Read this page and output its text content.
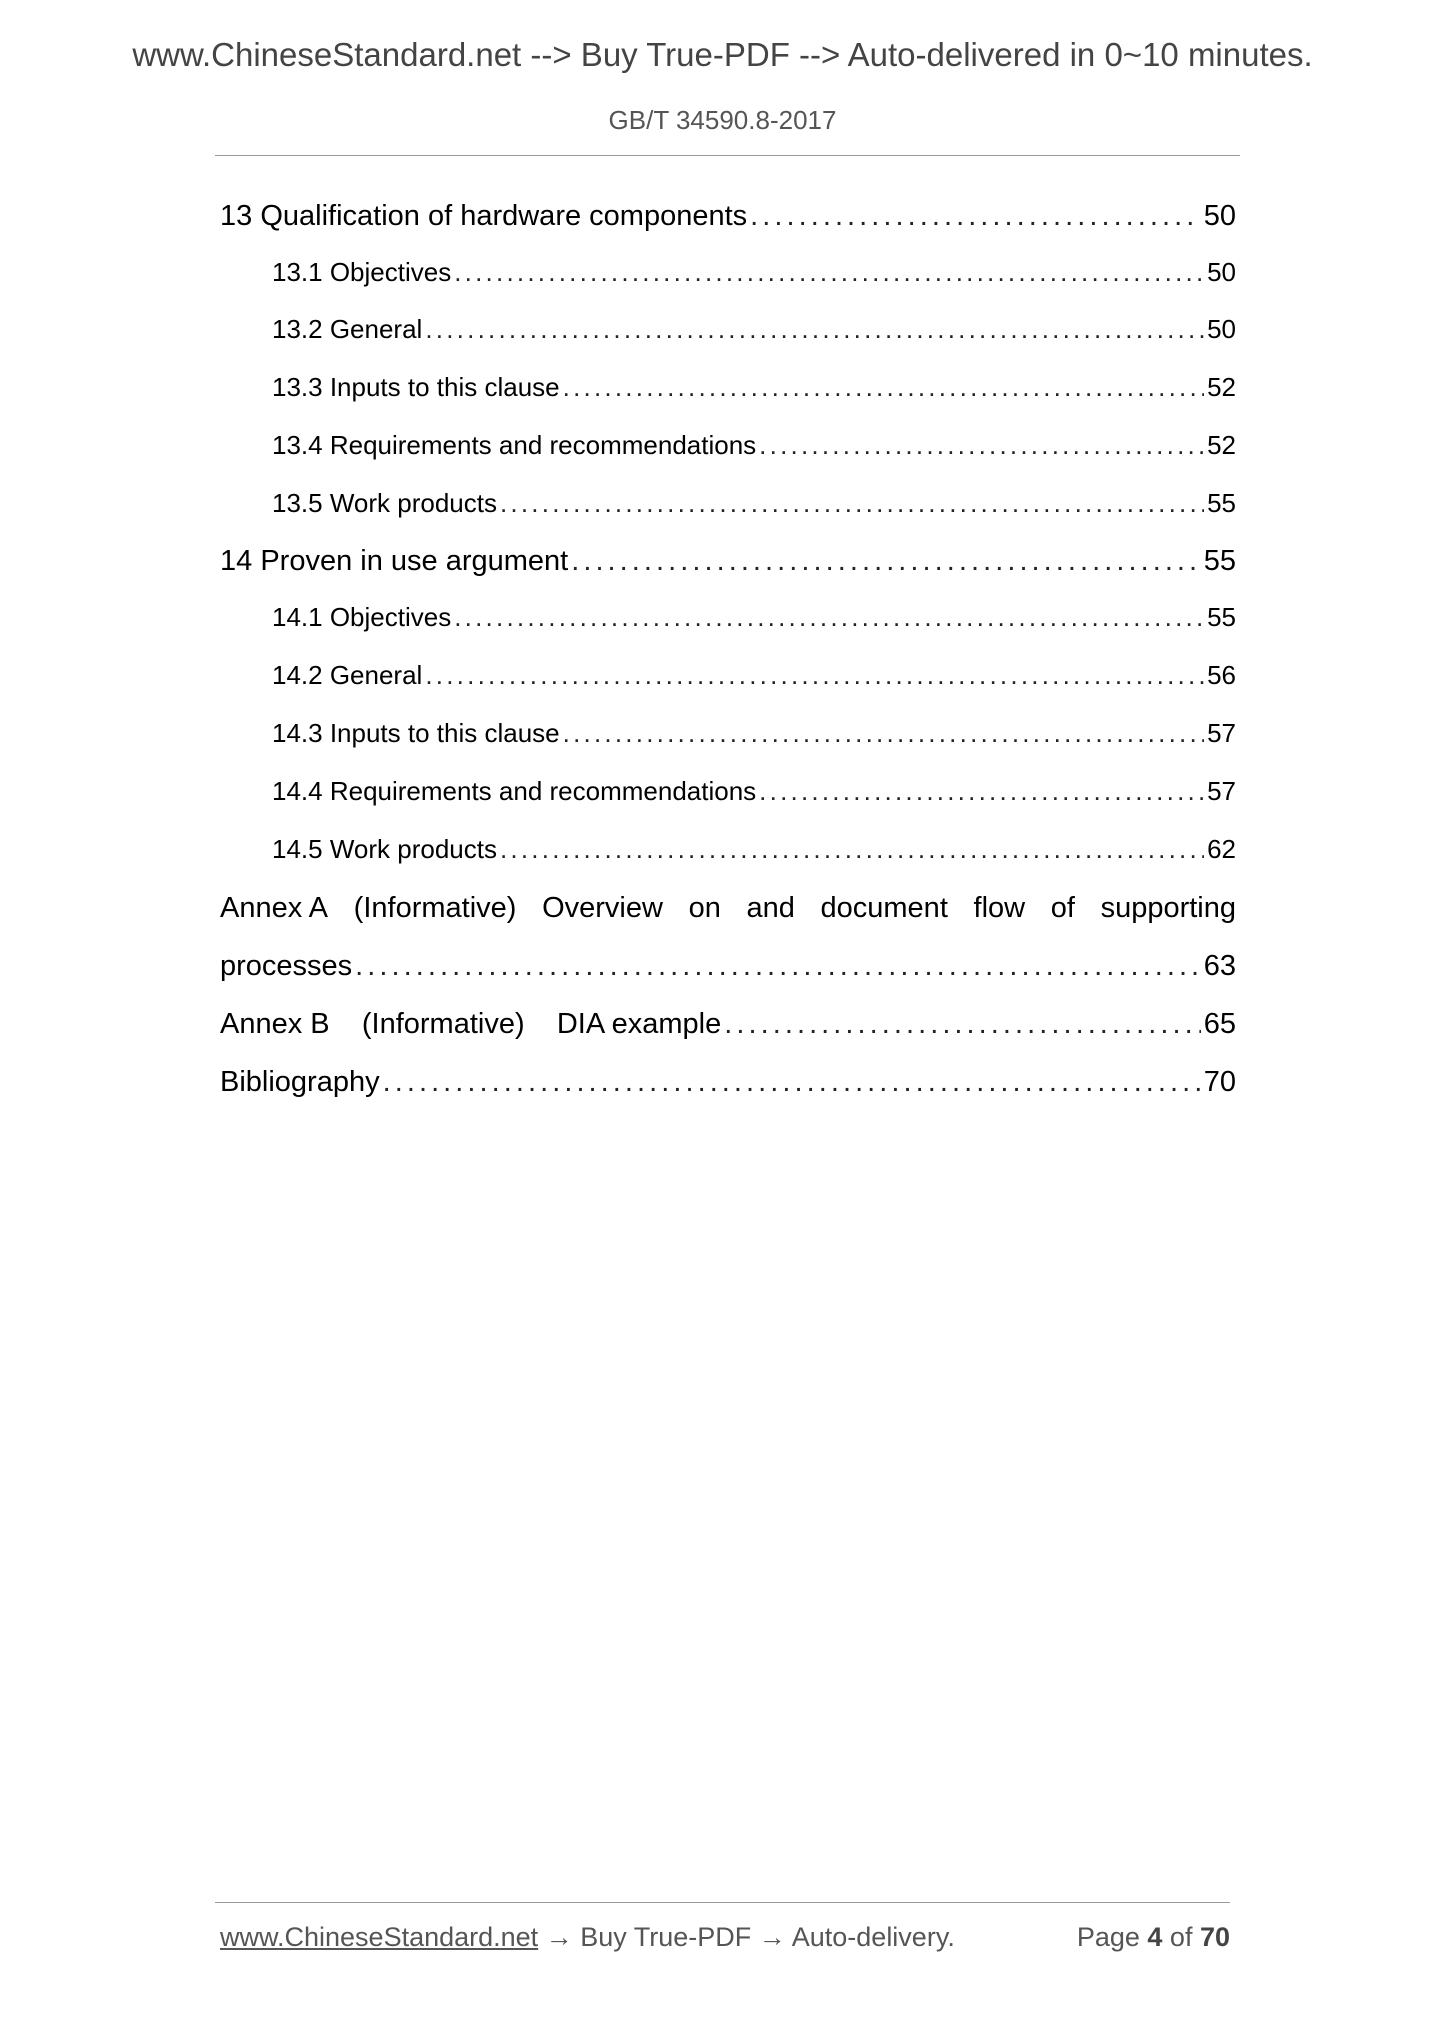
www.ChineseStandard.net --> Buy True-PDF --> Auto-delivered in 0~10 minutes.
GB/T 34590.8-2017
www.ChineseStandard.net → Buy True-PDF → Auto-delivery.	Page 4 of 70
13 Qualification of hardware components . . .	50
13.1 Objectives . . .	50
13.2 General . . .	50
13.3 Inputs to this clause . . .	52
13.4 Requirements and recommendations . . .	52
13.5 Work products . . .	55
14 Proven in use argument . . .	55
14.1 Objectives . . .	55
14.2 General . . .	56
14.3 Inputs to this clause . . .	57
14.4 Requirements and recommendations . . .	57
14.5 Work products . . .	62
Annex A (Informative) Overview on and document flow of supporting
processes . . .	63
Annex B    (Informative)    DIA example . . .	65
Bibliography . . .	70
